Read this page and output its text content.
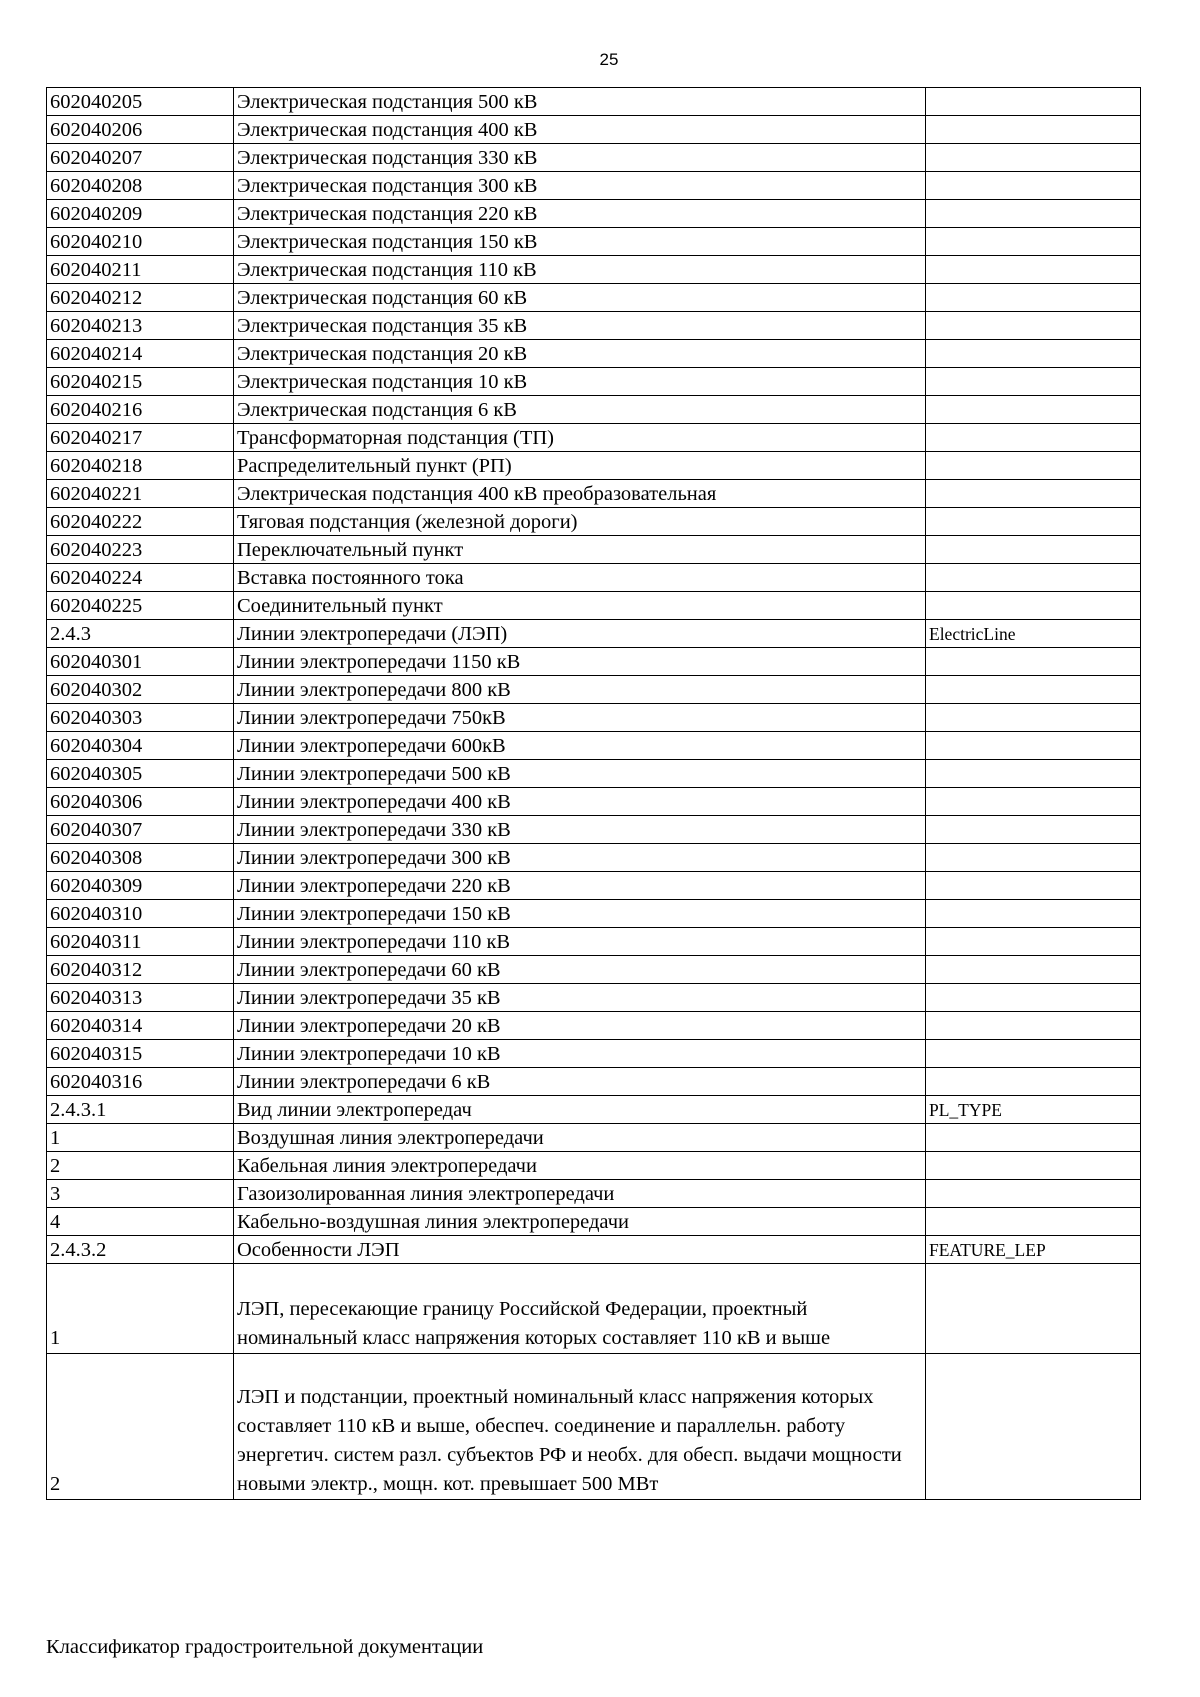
25
602040205	Электрическая подстанция 500 кВ	
602040206	Электрическая подстанция 400 кВ	
602040207	Электрическая подстанция 330 кВ	
602040208	Электрическая подстанция 300 кВ	
602040209	Электрическая подстанция 220 кВ	
602040210	Электрическая подстанция 150 кВ	
602040211	Электрическая подстанция 110 кВ	
602040212	Электрическая подстанция 60 кВ	
602040213	Электрическая подстанция 35 кВ	
602040214	Электрическая подстанция 20 кВ	
602040215	Электрическая подстанция 10 кВ	
602040216	Электрическая подстанция 6 кВ	
602040217	Трансформаторная подстанция (ТП)	
602040218	Распределительный пункт (РП)	
602040221	Электрическая подстанция 400 кВ преобразовательная	
602040222	Тяговая подстанция (железной дороги)	
602040223	Переключательный пункт	
602040224	Вставка постоянного тока	
602040225	Соединительный пункт	
2.4.3	Линии электропередачи (ЛЭП)	ElectricLine
602040301	Линии электропередачи 1150 кВ	
602040302	Линии электропередачи 800 кВ	
602040303	Линии электропередачи 750кВ	
602040304	Линии электропередачи 600кВ	
602040305	Линии электропередачи 500 кВ	
602040306	Линии электропередачи 400 кВ	
602040307	Линии электропередачи 330 кВ	
602040308	Линии электропередачи 300 кВ	
602040309	Линии электропередачи 220 кВ	
602040310	Линии электропередачи 150 кВ	
602040311	Линии электропередачи 110 кВ	
602040312	Линии электропередачи 60 кВ	
602040313	Линии электропередачи 35 кВ	
602040314	Линии электропередачи 20 кВ	
602040315	Линии электропередачи 10 кВ	
602040316	Линии электропередачи 6 кВ	
2.4.3.1	Вид линии электропередач	PL_TYPE
1	Воздушная линия электропередачи	
2	Кабельная линия электропередачи	
3	Газоизолированная линия электропередачи	
4	Кабельно-воздушная линия электропередачи	
2.4.3.2	Особенности ЛЭП	FEATURE_LEP
1	ЛЭП, пересекающие границу Российской Федерации, проектный номинальный класс напряжения которых составляет 110 кВ и выше	
2	ЛЭП и подстанции, проектный номинальный класс напряжения которых составляет 110 кВ и выше, обеспеч. соединение и параллельн. работу энергетич. систем разл. субъектов РФ и необх. для обесп. выдачи мощности новыми электр., мощн. кот. превышает 500 МВт	
Классификатор градостроительной документации
